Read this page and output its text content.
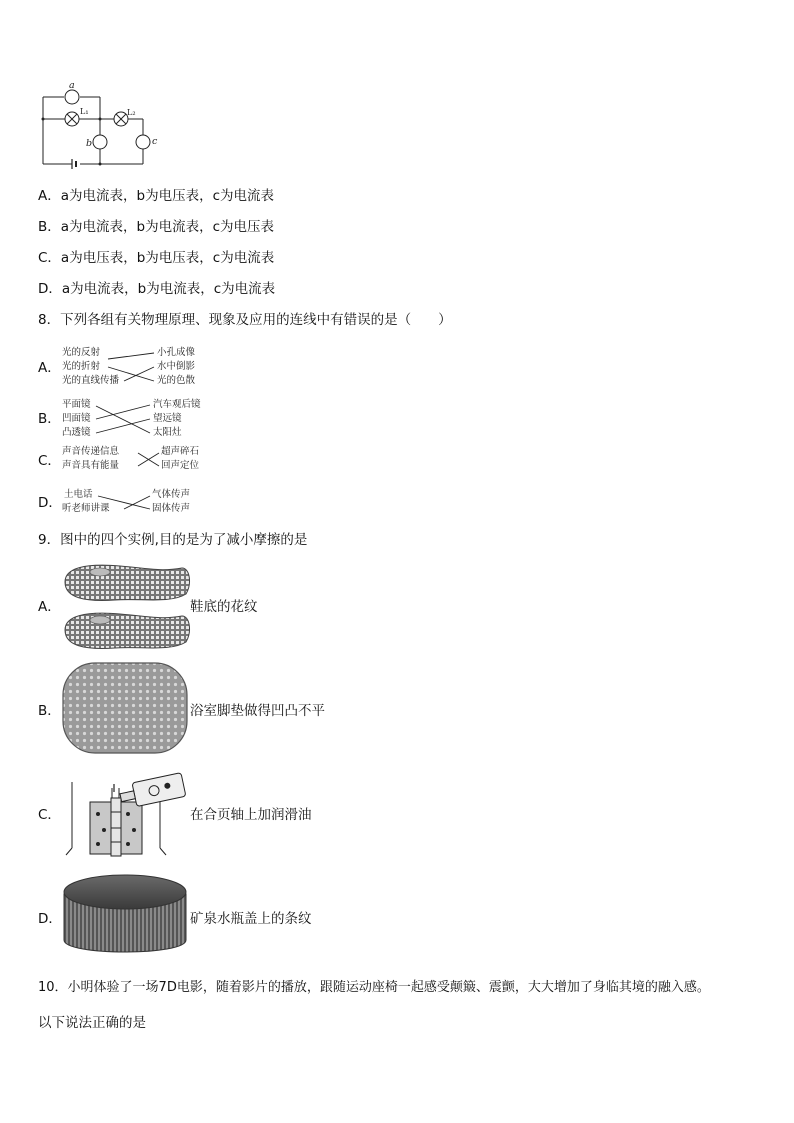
a
L₁	L₂
b	c
A．a为电流表，b为电压表，c为电流表
B．a为电流表，b为电流表，c为电压表
C．a为电压表，b为电压表，c为电流表
D．a为电流表，b为电流表，c为电流表
8．下列各组有关物理原理、现象及应用的连线中有错误的是（　　）
A．
光的反射
光的折射
光的直线传播
小孔成像
水中倒影
光的色散
B．
平面镜
凹面镜
凸透镜
汽车观后镜
望远镜
太阳灶
C．
声音传递信息
声音具有能量
超声碎石
回声定位
D．
土电话
听老师讲课
气体传声
固体传声
9．图中的四个实例,目的是为了减小摩擦的是
A．	鞋底的花纹
B．	浴室脚垫做得凹凸不平
C．	在合页轴上加润滑油
D．	矿泉水瓶盖上的条纹
10．小明体验了一场7D电影，随着影片的播放，跟随运动座椅一起感受颠簸、震颤，大大增加了身临其境的融入感。
以下说法正确的是
